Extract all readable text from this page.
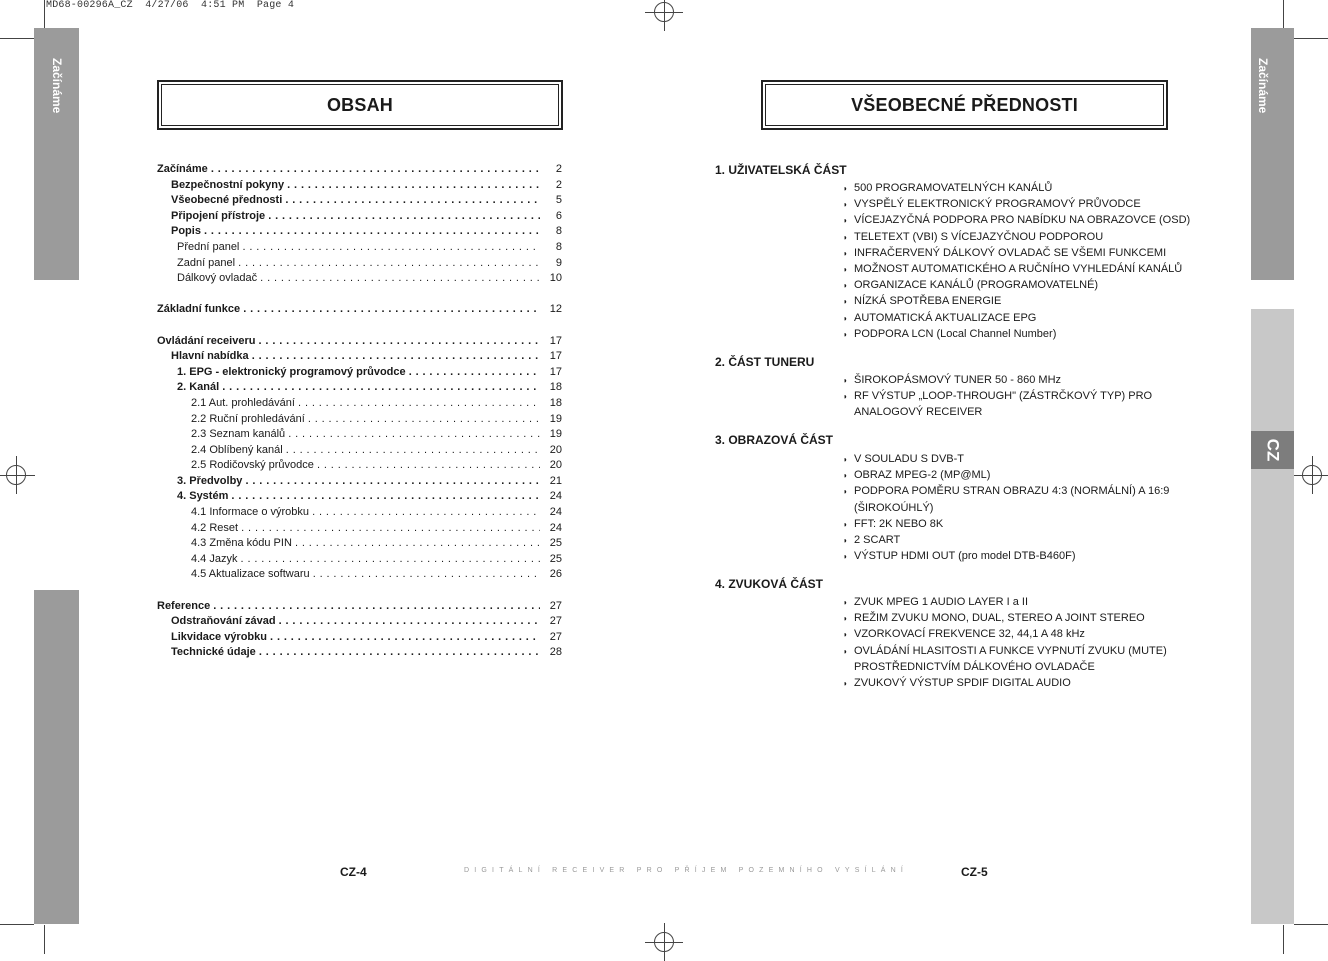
MD68-00296A_CZ  4/27/06  4:51 PM  Page 4
Začínáme	Začínáme
CZ
OBSAH
Začínáme . . .	2
Bezpečnostní pokyny . . .	2
Všeobecné přednosti . . .	5
Připojení přístroje . . .	6
Popis . . .	8
Přední panel . . .	8
Zadní panel . . .	9
Dálkový ovladač . . .	10
Základní funkce . . .	12
Ovládání receiveru . . .	17
Hlavní nabídka . . .	17
1. EPG - elektronický programový průvodce . . .	17
2. Kanál . . .	18
2.1 Aut. prohledávání . . .	18
2.2 Ruční prohledávání . . .	19
2.3 Seznam kanálů . . .	19
2.4 Oblíbený kanál . . .	20
2.5 Rodičovský průvodce . . .	20
3. Předvolby . . .	21
4. Systém . . .	24
4.1 Informace o výrobku . . .	24
4.2 Reset . . .	24
4.3 Změna kódu PIN . . .	25
4.4 Jazyk . . .	25
4.5 Aktualizace softwaru . . .	26
Reference . . .	27
Odstraňování závad . . .	27
Likvidace výrobku . . .	27
Technické údaje . . .	28
CZ-4
VŠEOBECNÉ PŘEDNOSTI
1. UŽIVATELSKÁ ČÁST
◗ 500 PROGRAMOVATELNÝCH KANÁLŮ
◗ VYSPĚLÝ ELEKTRONICKÝ PROGRAMOVÝ PRŮVODCE
◗ VÍCEJAZYČNÁ PODPORA PRO NABÍDKU NA OBRAZOVCE (OSD)
◗ TELETEXT (VBI) S VÍCEJAZYČNOU PODPOROU
◗ INFRAČERVENÝ DÁLKOVÝ OVLADAČ SE VŠEMI FUNKCEMI
◗ MOŽNOST AUTOMATICKÉHO A RUČNÍHO VYHLEDÁNÍ KANÁLŮ
◗ ORGANIZACE KANÁLŮ (PROGRAMOVATELNÉ)
◗ NÍZKÁ SPOTŘEBA ENERGIE
◗ AUTOMATICKÁ AKTUALIZACE EPG
◗ PODPORA LCN (Local Channel Number)
2. ČÁST TUNERU
◗ ŠIROKOPÁSMOVÝ TUNER 50 - 860 MHz
◗ RF VÝSTUP „LOOP-THROUGH" (ZÁSTRČKOVÝ TYP) PRO
ANALOGOVÝ RECEIVER
3. OBRAZOVÁ ČÁST
◗ V SOULADU S DVB-T
◗ OBRAZ MPEG-2 (MP@ML)
◗ PODPORA POMĚRU STRAN OBRAZU 4:3 (NORMÁLNÍ) A 16:9
(ŠIROKOÚHLÝ)
◗ FFT: 2K NEBO 8K
◗ 2 SCART
◗ VÝSTUP HDMI OUT (pro model DTB-B460F)
4. ZVUKOVÁ ČÁST
◗ ZVUK MPEG 1 AUDIO LAYER I a II
◗ REŽIM ZVUKU MONO, DUAL, STEREO A JOINT STEREO
◗ VZORKOVACÍ FREKVENCE 32, 44,1 A 48 kHz
◗ OVLÁDÁNÍ HLASITOSTI A FUNKCE VYPNUTÍ ZVUKU (MUTE)
PROSTŘEDNICTVÍM DÁLKOVÉHO OVLADAČE
◗ ZVUKOVÝ VÝSTUP SPDIF DIGITAL AUDIO
CZ-5
DIGITÁLNÍ RECEIVER PRO PŘÍJEM POZEMNÍHO VYSÍLÁNÍ
